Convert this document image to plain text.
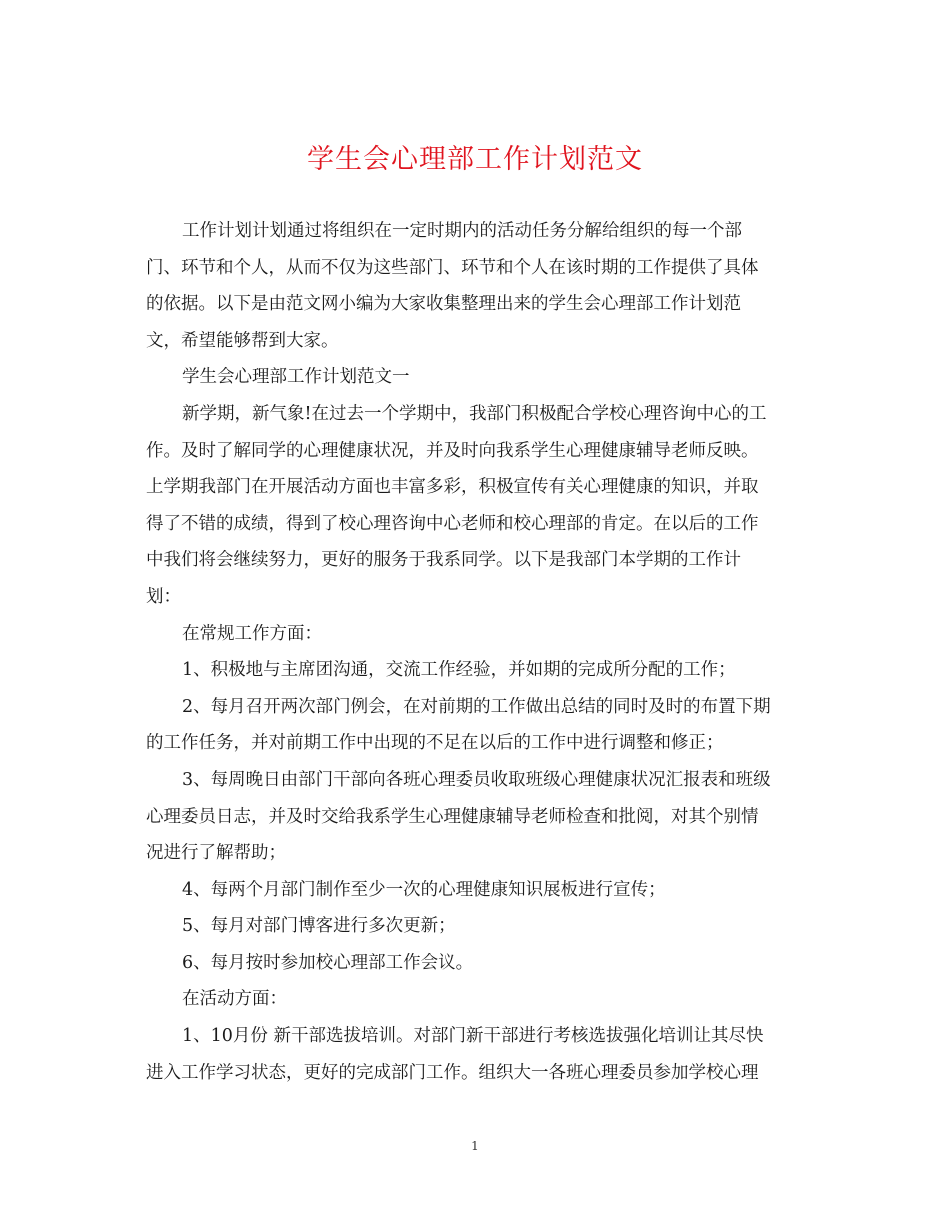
学生会心理部工作计划范文
工作计划计划通过将组织在一定时期内的活动任务分解给组织的每一个部
门、环节和个人，从而不仅为这些部门、环节和个人在该时期的工作提供了具体
的依据。以下是由范文网小编为大家收集整理出来的学生会心理部工作计划范
文，希望能够帮到大家。
学生会心理部工作计划范文一
新学期，新气象!在过去一个学期中，我部门积极配合学校心理咨询中心的工
作。及时了解同学的心理健康状况，并及时向我系学生心理健康辅导老师反映。
上学期我部门在开展活动方面也丰富多彩，积极宣传有关心理健康的知识，并取
得了不错的成绩，得到了校心理咨询中心老师和校心理部的肯定。在以后的工作
中我们将会继续努力，更好的服务于我系同学。以下是我部门本学期的工作计
划：
在常规工作方面：
1、积极地与主席团沟通，交流工作经验，并如期的完成所分配的工作；
2、每月召开两次部门例会，在对前期的工作做出总结的同时及时的布置下期
的工作任务，并对前期工作中出现的不足在以后的工作中进行调整和修正；
3、每周晚日由部门干部向各班心理委员收取班级心理健康状况汇报表和班级
心理委员日志，并及时交给我系学生心理健康辅导老师检查和批阅，对其个别情
况进行了解帮助；
4、每两个月部门制作至少一次的心理健康知识展板进行宣传；
5、每月对部门博客进行多次更新；
6、每月按时参加校心理部工作会议。
在活动方面：
1、10月份 新干部选拔培训。对部门新干部进行考核选拔强化培训让其尽快
进入工作学习状态，更好的完成部门工作。组织大一各班心理委员参加学校心理
1
